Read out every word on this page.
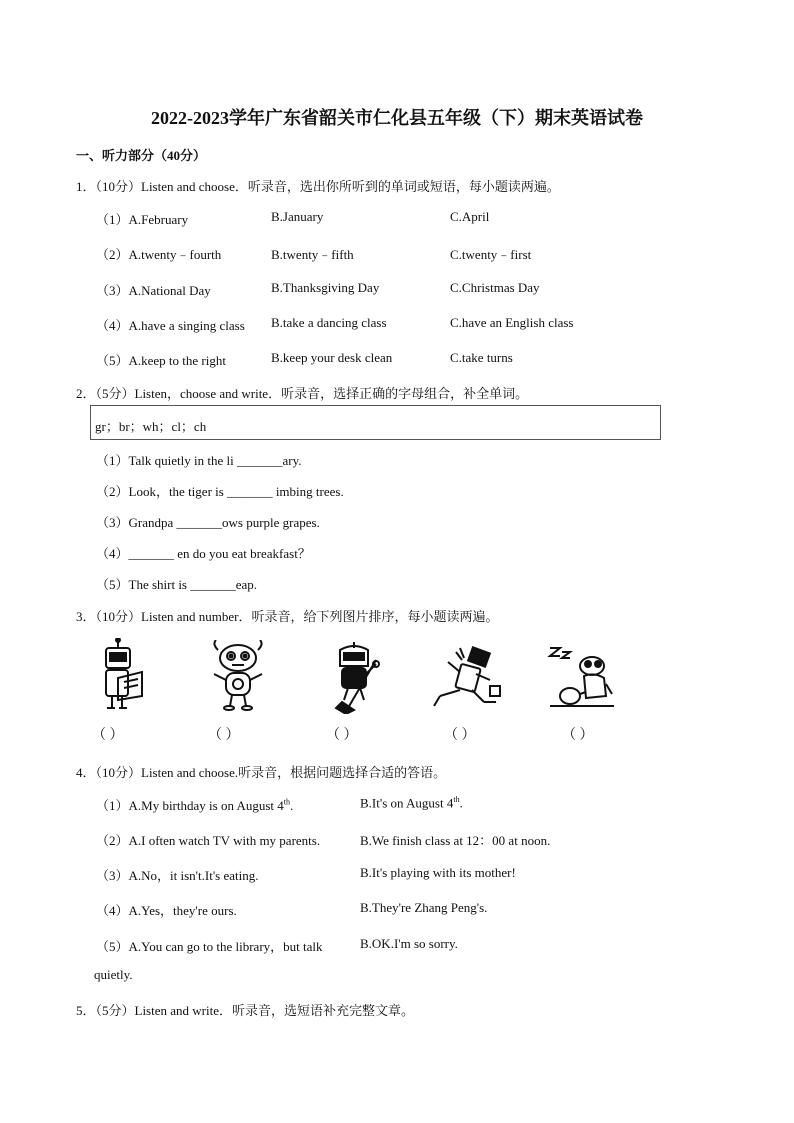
2022-2023学年广东省韶关市仁化县五年级（下）期末英语试卷
一、听力部分（40分）
1．（10分）Listen and choose．听录音，选出你所听到的单词或短语，每小题读两遍。
（1）A.February	B.January	C.April
（2）A.twenty﹣fourth	B.twenty﹣fifth	C.twenty﹣first
（3）A.National Day	B.Thanksgiving Day	C.Christmas Day
（4）A.have a singing class B.take a dancing class	C.have an English class
（5）A.keep to the right	B.keep your desk clean	C.take turns
2．（5分）Listen，choose and write．听录音，选择正确的字母组合，补全单词。
gr；br；wh；cl；ch
（1）Talk quietly in the li _______ary.
（2）Look，the tiger is _______ imbing trees.
（3）Grandpa _______ows purple grapes.
（4）_______ en do you eat breakfast？
（5）The shirt is _______eap.
3．（10分）Listen and number．听录音，给下列图片排序，每小题读两遍。
（ ）	（ ）	（ ）	（ ）	（ ）
4．（10分）Listen and choose.听录音，根据问题选择合适的答语。
（1）A.My birthday is on August 4th.	B.It's on August 4th.
（2）A.I often watch TV with my parents.	B.We finish class at 12：00 at noon.
（3）A.No，it isn't.It's eating.	B.It's playing with its mother!
（4）A.Yes，they're ours.	B.They're Zhang Peng's.
（5）A.You can go to the library，but talk	B.OK.I'm so sorry.
quietly.
5．（5分）Listen and write．听录音，选短语补充完整文章。
